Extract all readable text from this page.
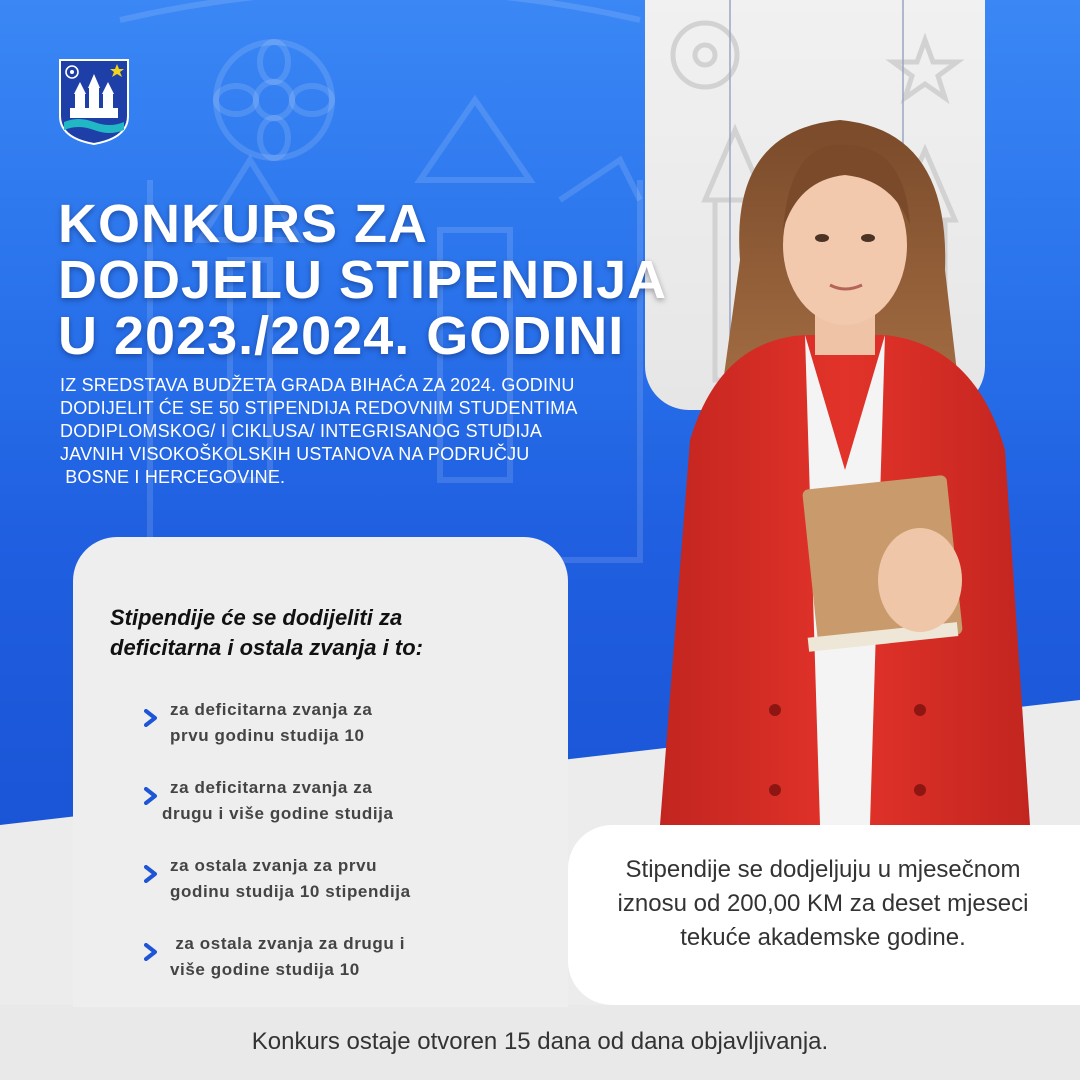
KONKURS ZA
DODJELU STIPENDIJA
U 2023./2024. GODINI
IZ SREDSTAVA BUDŽETA GRADA BIHAĆA ZA 2024. GODINU
DODIJELIT ĆE SE 50 STIPENDIJA REDOVNIM STUDENTIMA
DODIPLOMSKOG/ I CIKLUSA/ INTEGRISANOG STUDIJA
JAVNIH VISOKOŠKOLSKIH USTANOVA NA PODRUČJU
BOSNE I HERCEGOVINE.
Stipendije će se dodijeliti za
deficitarna i ostala zvanja i to:
za deficitarna zvanja za
prvu godinu studija 10
za deficitarna zvanja za
drugu i više godine studija
za ostala zvanja za prvu
godinu studija 10 stipendija
za ostala zvanja za drugu i
više godine studija 10
Stipendije se dodjeljuju u mjesečnom
iznosu od 200,00 KM za deset mjeseci
tekuće akademske godine.
Konkurs ostaje otvoren 15 dana od dana objavljivanja.
